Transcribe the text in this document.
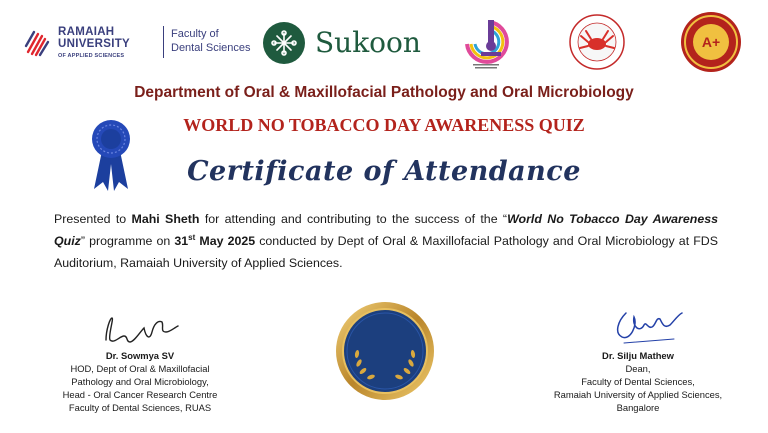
RAMAIAH
UNIVERSITY
OF APPLIED SCIENCES
Faculty of
Dental Sciences Sukoon	A+
Department of Oral & Maxillofacial Pathology and Oral Microbiology
WORLD NO TOBACCO DAY AWARENESS QUIZ
Certificate of Attendance
Presented to Mahi Sheth for attending and contributing to the success of the “World No Tobacco Day Awareness Quiz” programme on 31st May 2025 conducted by Dept of Oral & Maxillofacial Pathology and Oral Microbiology at FDS Auditorium, Ramaiah University of Applied Sciences.
Dr. Sowmya SV
HOD, Dept of Oral & Maxillofacial
Pathology and Oral Microbiology,
Head - Oral Cancer Research Centre
Faculty of Dental Sciences, RUAS
Dr. Silju Mathew
Dean,
Faculty of Dental Sciences,
Ramaiah University of Applied Sciences,
Bangalore
